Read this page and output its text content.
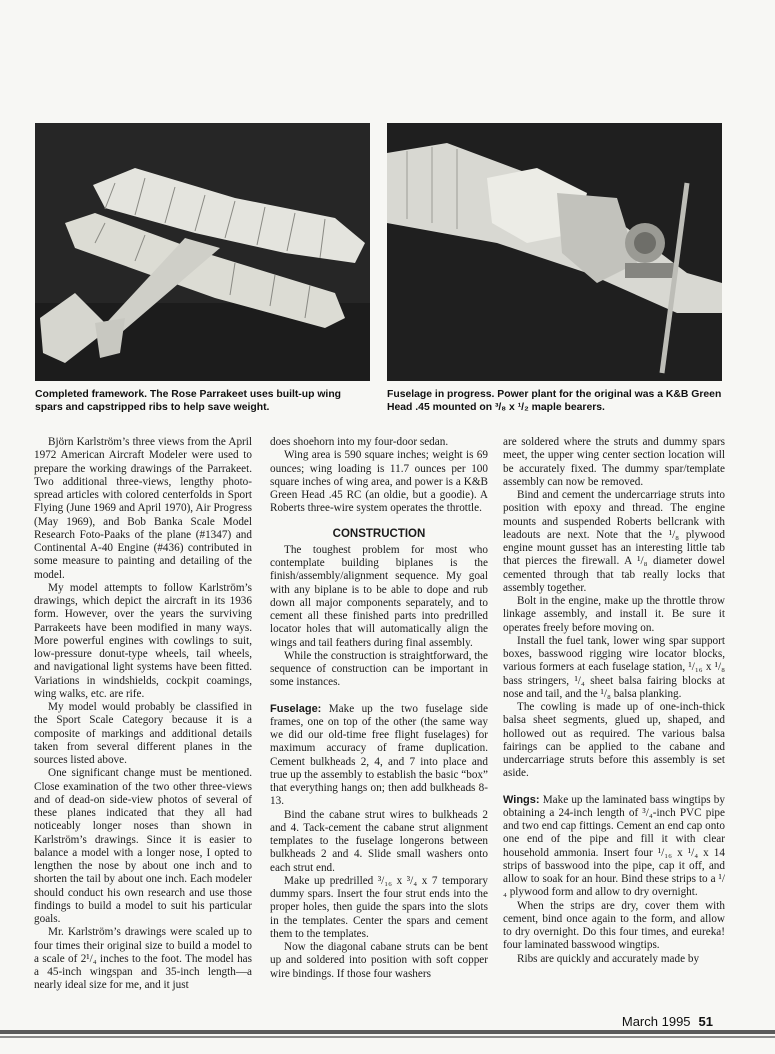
Completed framework. The Rose Parrakeet uses built-up wing spars and capstripped ribs to help save weight.
Fuselage in progress. Power plant for the original was a K&B Green Head .45 mounted on ³/₈ x ¹/₂ maple bearers.

Björn Karlström’s three views from the April 1972 American Aircraft Modeler were used to prepare the working drawings of the Parrakeet. Two additional three-views, lengthy photo-spread articles with colored centerfolds in Sport Flying (June 1969 and April 1970), Air Progress (May 1969), and Bob Banka Scale Model Research Foto-Paaks of the plane (#1347) and Continental A-40 Engine (#436) contributed in some measure to painting and detailing of the model.

My model attempts to follow Karlström’s drawings, which depict the aircraft in its 1936 form. However, over the years the surviving Parrakeets have been modified in many ways. More powerful engines with cowlings to suit, low-pressure donut-type wheels, tail wheels, and navigational light systems have been fitted. Variations in windshields, cockpit coamings, wing walks, etc. are rife.

My model would probably be classified in the Sport Scale Category because it is a composite of markings and additional details taken from several different planes in the sources listed above.

One significant change must be mentioned. Close examination of the two other three-views and of dead-on side-view photos of several of these planes indicated that they all had noticeably longer noses than shown in Karlström’s drawings. Since it is easier to balance a model with a longer nose, I opted to lengthen the nose by about one inch and to shorten the tail by about one inch. Each modeler should conduct his own research and use those findings to build a model to suit his particular goals.

Mr. Karlström’s drawings were scaled up to four times their original size to build a model to a scale of 2¹/₄ inches to the foot. The model has a 45-inch wingspan and 35-inch length—a nearly ideal size for me, and it just

does shoehorn into my four-door sedan.

Wing area is 590 square inches; weight is 69 ounces; wing loading is 11.7 ounces per 100 square inches of wing area, and power is a K&B Green Head .45 RC (an oldie, but a goodie). A Roberts three-wire system operates the throttle.

CONSTRUCTION

The toughest problem for most who contemplate building biplanes is the finish/assembly/alignment sequence. My goal with any biplane is to be able to dope and rub down all major components separately, and to cement all these finished parts into predrilled locator holes that will automatically align the wings and tail feathers during final assembly.

While the construction is straightforward, the sequence of construction can be important in some instances.

Fuselage: Make up the two fuselage side frames, one on top of the other (the same way we did our old-time free flight fuselages) for maximum accuracy of frame duplication. Cement bulkheads 2, 4, and 7 into place and true up the assembly to establish the basic “box” that everything hangs on; then add bulkheads 8-13.

Bind the cabane strut wires to bulkheads 2 and 4. Tack-cement the cabane strut alignment templates to the fuselage longerons between bulkheads 2 and 4. Slide small washers onto each strut end.

Make up predrilled ³/₁₆ x ³/₄ x 7 temporary dummy spars. Insert the four strut ends into the proper holes, then guide the spars into the slots in the templates. Center the spars and cement them to the templates.

Now the diagonal cabane struts can be bent up and soldered into position with soft copper wire bindings. If those four washers

are soldered where the struts and dummy spars meet, the upper wing center section location will be accurately fixed. The dummy spar/template assembly can now be removed.

Bind and cement the undercarriage struts into position with epoxy and thread. The engine mounts and suspended Roberts bellcrank with leadouts are next. Note that the ¹/₈ plywood engine mount gusset has an interesting little tab that pierces the firewall. A ¹/₈ diameter dowel cemented through that tab really locks that assembly together.

Bolt in the engine, make up the throttle throw linkage assembly, and install it. Be sure it operates freely before moving on.

Install the fuel tank, lower wing spar support boxes, basswood rigging wire locator blocks, various formers at each fuselage station, ¹/₁₆ x ¹/₈ bass stringers, ¹/₄ sheet balsa fairing blocks at nose and tail, and the ¹/₈ balsa planking.

The cowling is made up of one-inch-thick balsa sheet segments, glued up, shaped, and hollowed out as required. The various balsa fairings can be applied to the cabane and undercarriage struts before this assembly is set aside.

Wings: Make up the laminated bass wingtips by obtaining a 24-inch length of ³/₄-inch PVC pipe and two end cap fittings. Cement an end cap onto one end of the pipe and fill it with clear household ammonia. Insert four ¹/₁₆ x ¹/₄ x 14 strips of basswood into the pipe, cap it off, and allow to soak for an hour. Bind these strips to a ¹/₄ plywood form and allow to dry overnight.

When the strips are dry, cover them with cement, bind once again to the form, and allow to dry overnight. Do this four times, and eureka! four laminated basswood wingtips.

Ribs are quickly and accurately made by

March 1995 51
